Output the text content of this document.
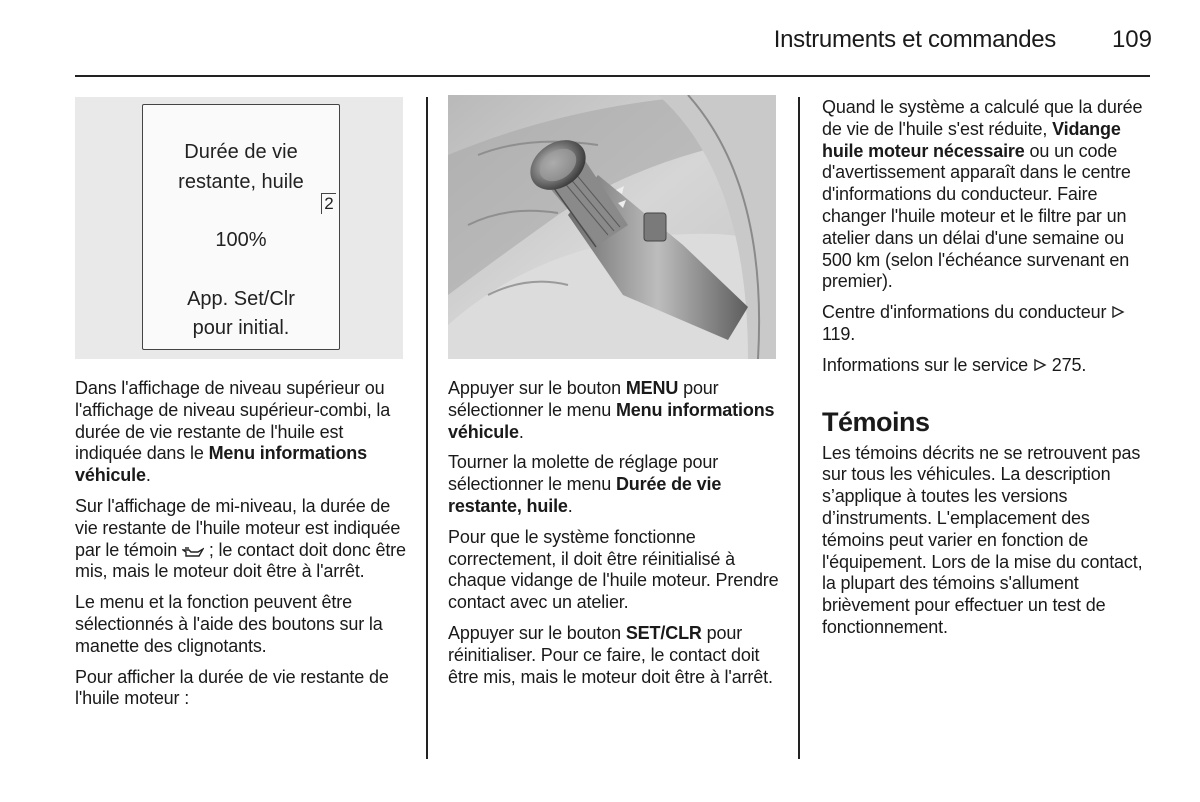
Instruments et commandes	109
Durée de vie
restante, huile
2
100%
App. Set/Clr
pour initial.

Dans l'affichage de niveau supérieur ou l'affichage de niveau supérieur-combi, la durée de vie restante de l'huile est indiquée dans le Menu informations véhicule.

Sur l'affichage de mi-niveau, la durée de vie restante de l'huile moteur est indiquée par le témoin  ; le contact doit donc être mis, mais le moteur doit être à l'arrêt.

Le menu et la fonction peuvent être sélectionnés à l'aide des boutons sur la manette des clignotants.

Pour afficher la durée de vie restante de l'huile moteur :

Appuyer sur le bouton MENU pour sélectionner le menu Menu informations véhicule.

Tourner la molette de réglage pour sélectionner le menu Durée de vie restante, huile.

Pour que le système fonctionne correctement, il doit être réinitialisé à chaque vidange de l'huile moteur. Prendre contact avec un atelier.

Appuyer sur le bouton SET/CLR pour réinitialiser. Pour ce faire, le contact doit être mis, mais le moteur doit être à l'arrêt.

Quand le système a calculé que la durée de vie de l'huile s'est réduite, Vidange huile moteur nécessaire ou un code d'avertissement apparaît dans le centre d'informations du conducteur. Faire changer l'huile moteur et le filtre par un atelier dans un délai d'une semaine ou 500 km (selon l'échéance survenant en premier).

Centre d'informations du conducteur  119.

Informations sur le service  275.

Témoins

Les témoins décrits ne se retrouvent pas sur tous les véhicules. La description s’applique à toutes les versions d’instruments. L'emplacement des témoins peut varier en fonction de l'équipement. Lors de la mise du contact, la plupart des témoins s'allument brièvement pour effectuer un test de fonctionnement.
